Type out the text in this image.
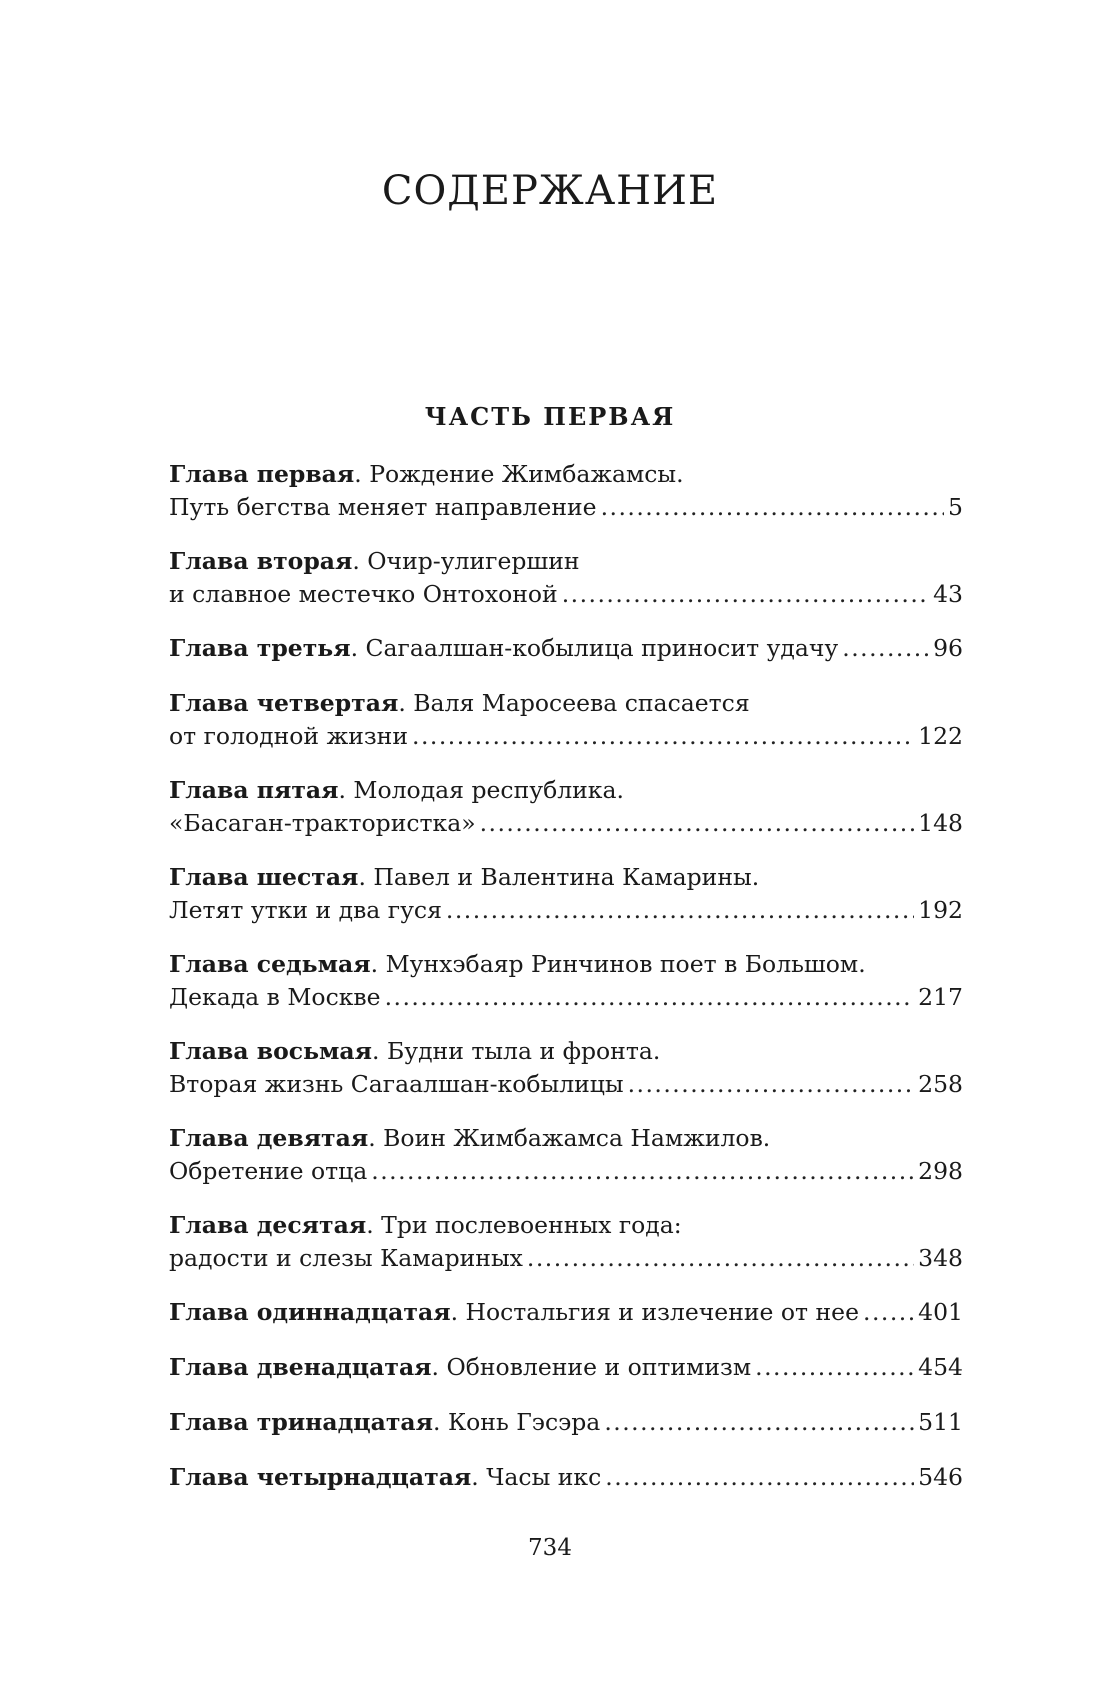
СОДЕРЖАНИЕ
ЧАСТЬ ПЕРВАЯ
Глава первая. Рождение Жимбажамсы.
Путь бегства меняет направление . . .	5
Глава вторая. Очир-улигершин
и славное местечко Онтохоной . . .	43
Глава третья . Сагаалшан-кобылица приносит удачу . . .	96
Глава четвертая. Валя Маросеева спасается
от голодной жизни . . .	122
Глава пятая. Молодая республика.
«Басаган-трактористка» . . .	148
Глава шестая. Павел и Валентина Камарины.
Летят утки и два гуся . . .	192
Глава седьмая. Мунхэбаяр Ринчинов поет в Большом.
Декада в Москве . . .	217
Глава восьмая. Будни тыла и фронта.
Вторая жизнь Сагаалшан-кобылицы . . .	258
Глава девятая. Воин Жимбажамса Намжилов.
Обретение отца . . .	298
Глава десятая. Три послевоенных года:
радости и слезы Камариных . . .	348
Глава одиннадцатая . Ностальгия и излечение от нее . . .	401
Глава двенадцатая . Обновление и оптимизм . . .	454
Глава тринадцатая . Конь Гэсэра . . .	511
Глава четырнадцатая . Часы икс . . .	546
734
